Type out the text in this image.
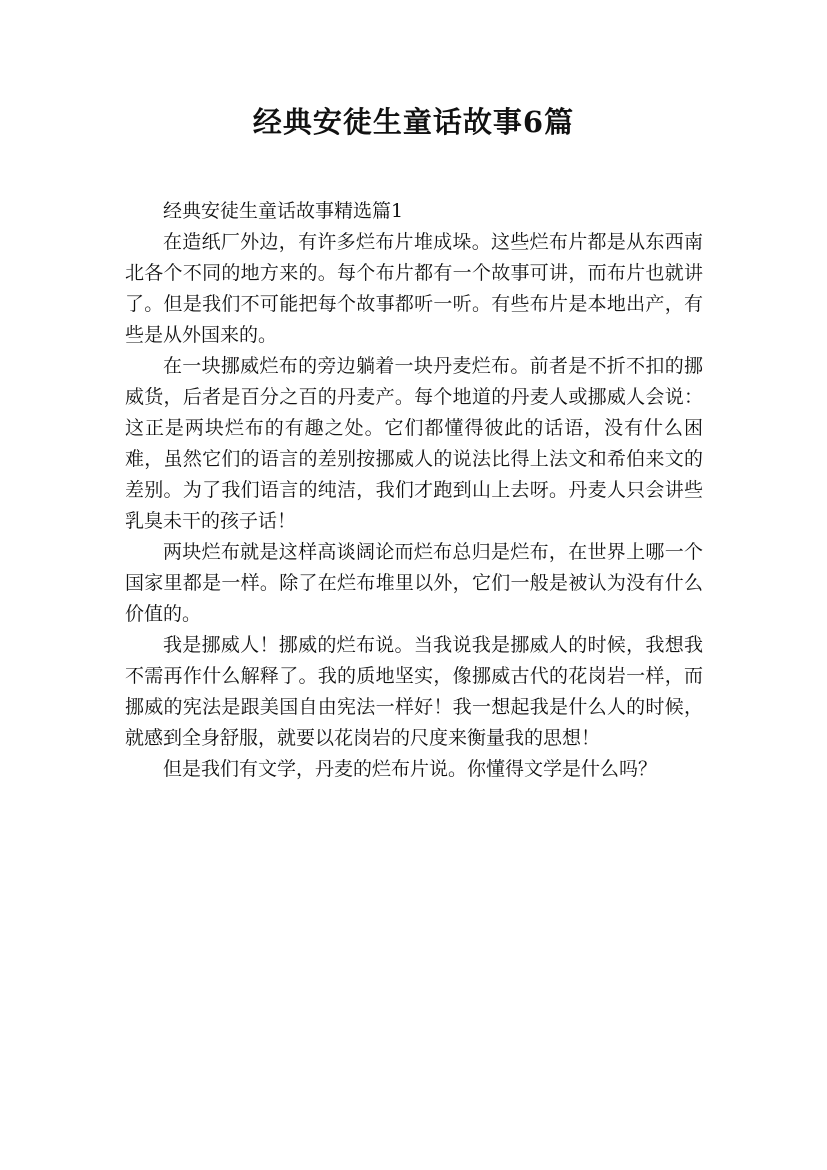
经典安徒生童话故事6篇

经典安徒生童话故事精选篇1

在造纸厂外边，有许多烂布片堆成垛。这些烂布片都是从东西南北各个不同的地方来的。每个布片都有一个故事可讲，而布片也就讲了。但是我们不可能把每个故事都听一听。有些布片是本地出产，有些是从外国来的。

在一块挪威烂布的旁边躺着一块丹麦烂布。前者是不折不扣的挪威货，后者是百分之百的丹麦产。每个地道的丹麦人或挪威人会说：这正是两块烂布的有趣之处。它们都懂得彼此的话语，没有什么困难，虽然它们的语言的差别按挪威人的说法比得上法文和希伯来文的差别。为了我们语言的纯洁，我们才跑到山上去呀。丹麦人只会讲些乳臭未干的孩子话！

两块烂布就是这样高谈阔论而烂布总归是烂布，在世界上哪一个国家里都是一样。除了在烂布堆里以外，它们一般是被认为没有什么价值的。

我是挪威人！挪威的烂布说。当我说我是挪威人的时候，我想我不需再作什么解释了。我的质地坚实，像挪威古代的花岗岩一样，而挪威的宪法是跟美国自由宪法一样好！我一想起我是什么人的时候，就感到全身舒服，就要以花岗岩的尺度来衡量我的思想！

但是我们有文学，丹麦的烂布片说。你懂得文学是什么吗？
